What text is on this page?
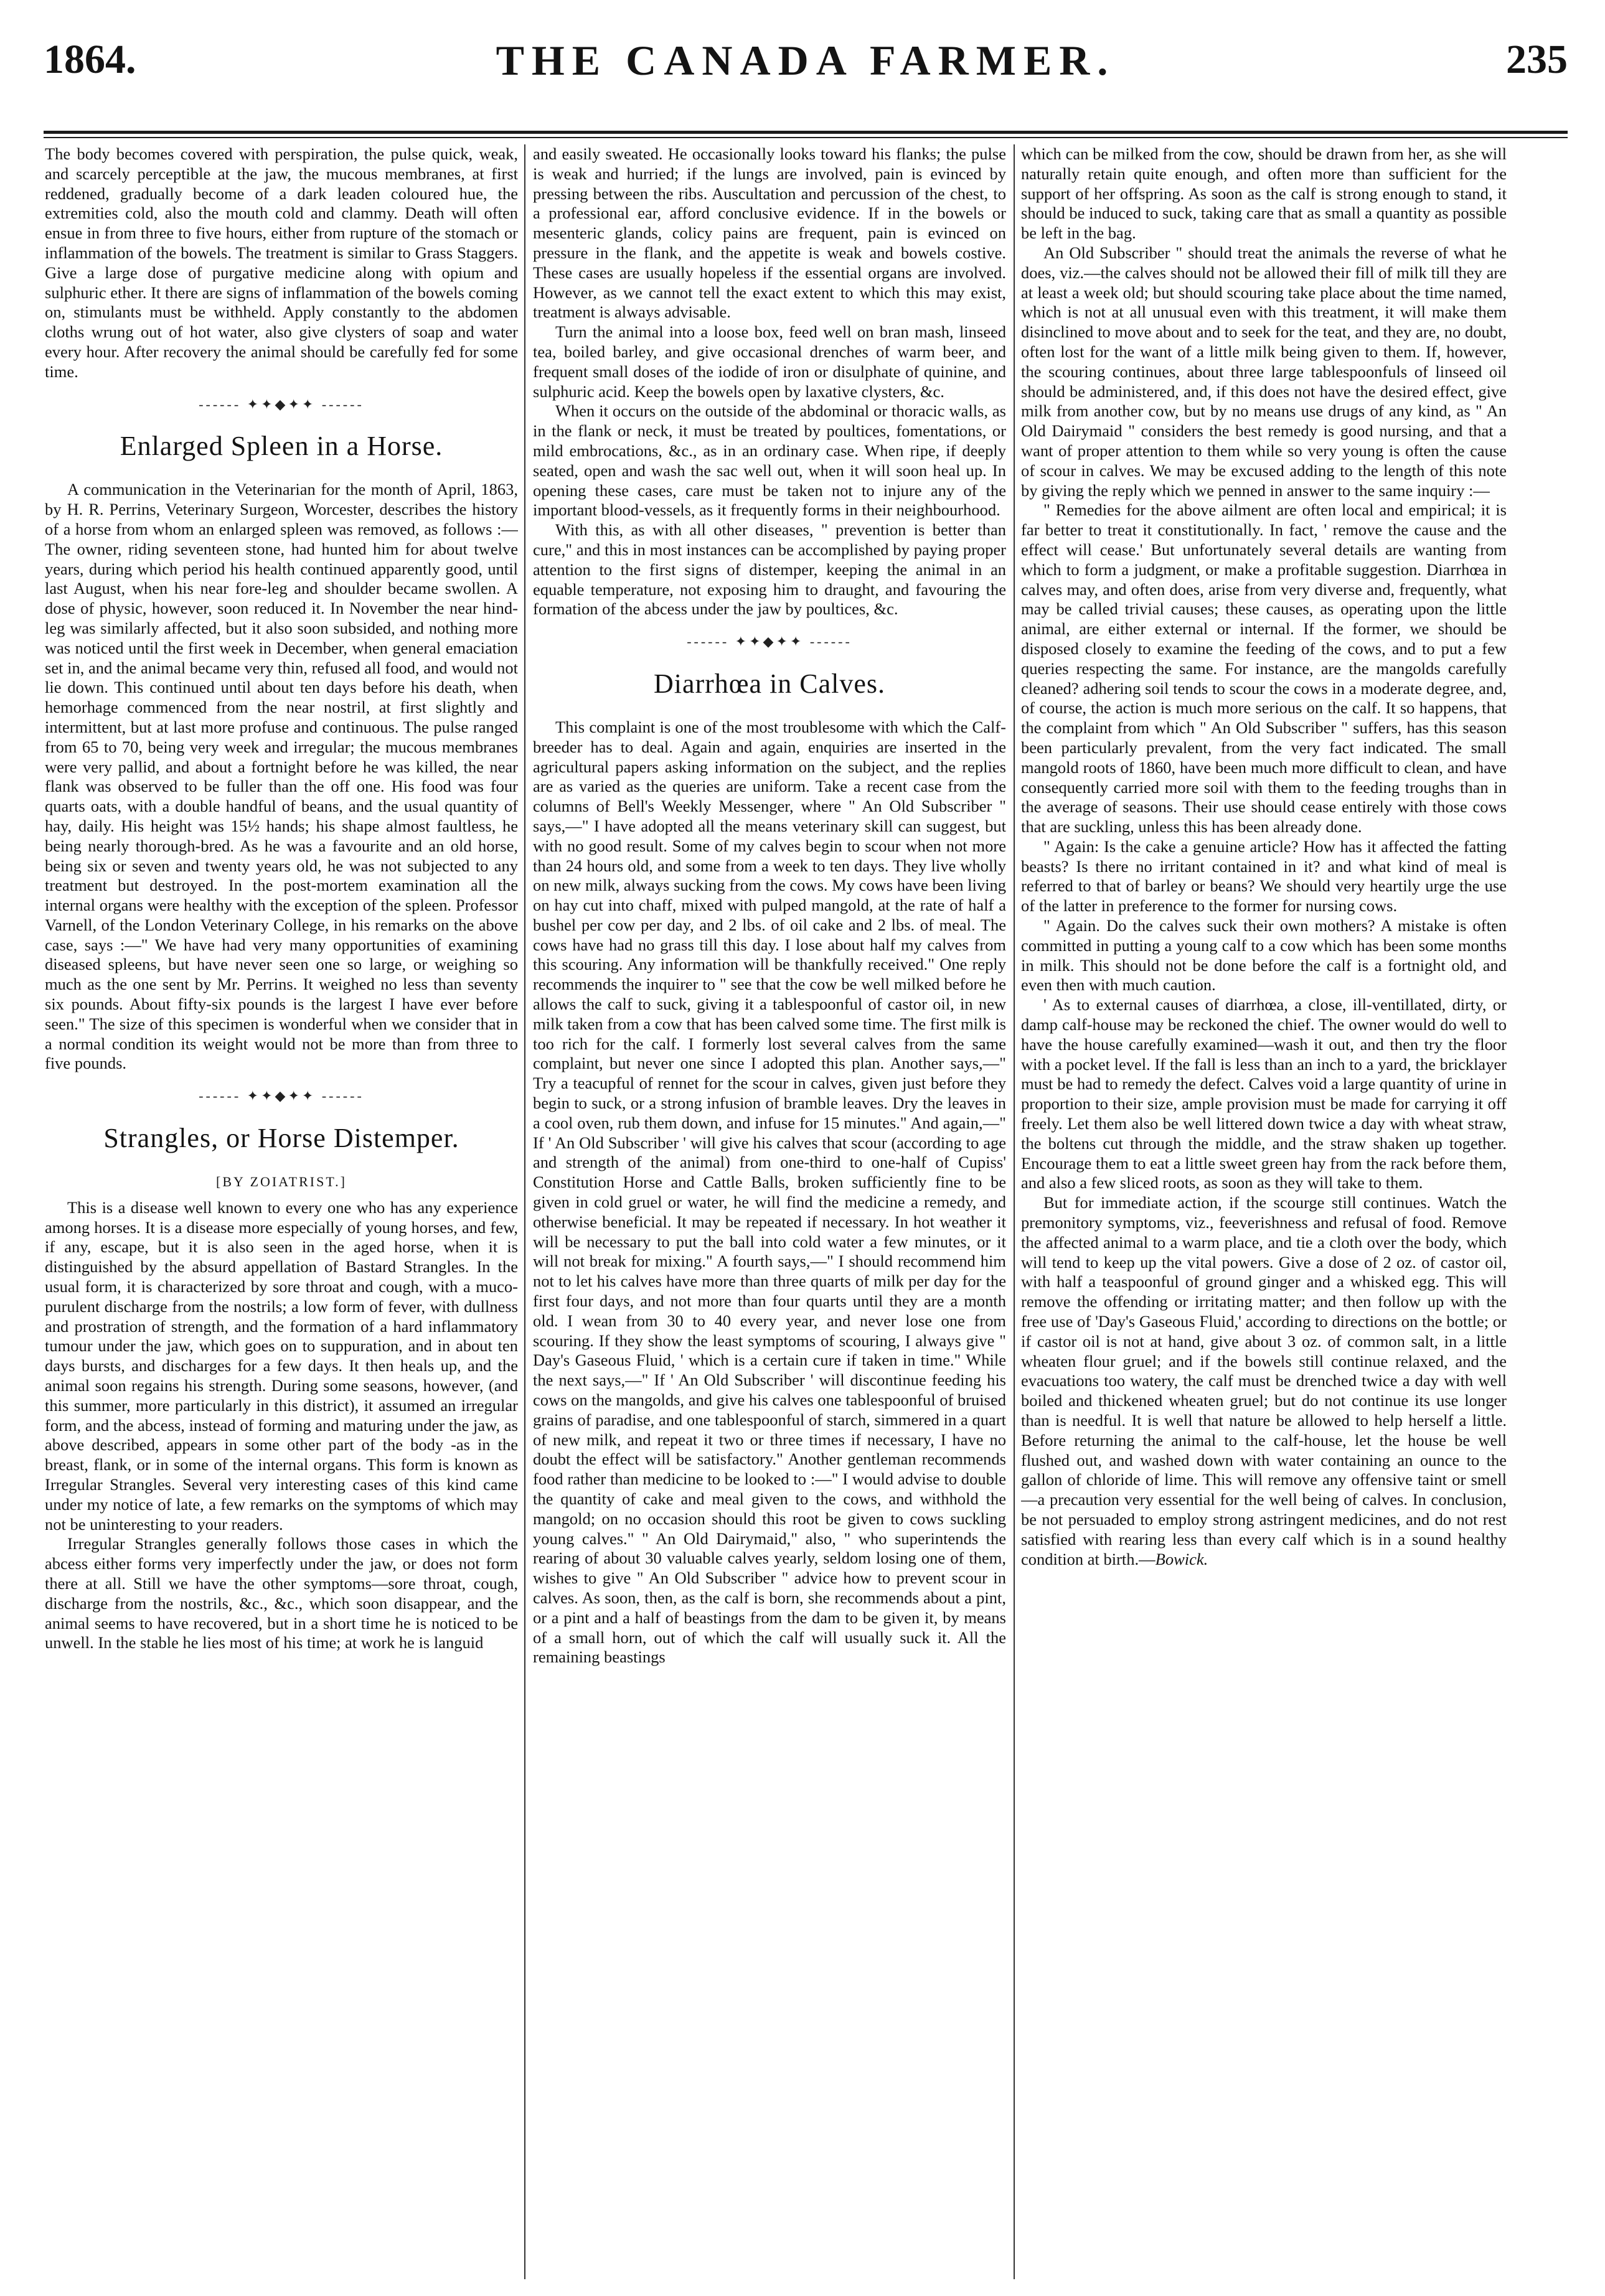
1864.	THE CANADA FARMER.	235

The body becomes covered with perspiration, the pulse quick, weak, and scarcely perceptible at the jaw, the mucous membranes, at first reddened, gradually become of a dark leaden coloured hue, the extremities cold, also the mouth cold and clammy. Death will often ensue in from three to five hours, either from rupture of the stomach or inflammation of the bowels. The treatment is similar to Grass Staggers. Give a large dose of purgative medicine along with opium and sulphuric ether. It there are signs of inflammation of the bowels coming on, stimulants must be withheld. Apply constantly to the abdomen cloths wrung out of hot water, also give clysters of soap and water every hour. After recovery the animal should be carefully fed for some time.

------ ✦✦◆✦✦ ------
Enlarged Spleen in a Horse.

A communication in the Veterinarian for the month of April, 1863, by H. R. Perrins, Veterinary Surgeon, Worcester, describes the history of a horse from whom an enlarged spleen was removed, as follows :— The owner, riding seventeen stone, had hunted him for about twelve years, during which period his health continued apparently good, until last August, when his near fore-leg and shoulder became swollen. A dose of physic, however, soon reduced it. In November the near hind-leg was similarly affected, but it also soon subsided, and nothing more was noticed until the first week in December, when general emaciation set in, and the animal became very thin, refused all food, and would not lie down. This continued until about ten days before his death, when hemorhage commenced from the near nostril, at first slightly and intermittent, but at last more profuse and continuous. The pulse ranged from 65 to 70, being very week and irregular; the mucous membranes were very pallid, and about a fortnight before he was killed, the near flank was observed to be fuller than the off one. His food was four quarts oats, with a double handful of beans, and the usual quantity of hay, daily. His height was 15½ hands; his shape almost faultless, he being nearly thorough-bred. As he was a favourite and an old horse, being six or seven and twenty years old, he was not subjected to any treatment but destroyed. In the post-mortem examination all the internal organs were healthy with the exception of the spleen. Professor Varnell, of the London Veterinary College, in his remarks on the above case, says :—" We have had very many opportunities of examining diseased spleens, but have never seen one so large, or weighing so much as the one sent by Mr. Perrins. It weighed no less than seventy six pounds. About fifty-six pounds is the largest I have ever before seen." The size of this specimen is wonderful when we consider that in a normal condition its weight would not be more than from three to five pounds.

------ ✦✦◆✦✦ ------
Strangles, or Horse Distemper.
[BY ZOIATRIST.]

This is a disease well known to every one who has any experience among horses. It is a disease more especially of young horses, and few, if any, escape, but it is also seen in the aged horse, when it is distinguished by the absurd appellation of Bastard Strangles. In the usual form, it is characterized by sore throat and cough, with a muco-purulent discharge from the nostrils; a low form of fever, with dullness and prostration of strength, and the formation of a hard inflammatory tumour under the jaw, which goes on to suppuration, and in about ten days bursts, and discharges for a few days. It then heals up, and the animal soon regains his strength. During some seasons, however, (and this summer, more particularly in this district), it assumed an irregular form, and the abcess, instead of forming and maturing under the jaw, as above described, appears in some other part of the body -as in the breast, flank, or in some of the internal organs. This form is known as Irregular Strangles. Several very interesting cases of this kind came under my notice of late, a few remarks on the symptoms of which may not be uninteresting to your readers.

Irregular Strangles generally follows those cases in which the abcess either forms very imperfectly under the jaw, or does not form there at all. Still we have the other symptoms—sore throat, cough, discharge from the nostrils, &c., &c., which soon disappear, and the animal seems to have recovered, but in a short time he is noticed to be unwell. In the stable he lies most of his time; at work he is languid

and easily sweated. He occasionally looks toward his flanks; the pulse is weak and hurried; if the lungs are involved, pain is evinced by pressing between the ribs. Auscultation and percussion of the chest, to a professional ear, afford conclusive evidence. If in the bowels or mesenteric glands, colicy pains are frequent, pain is evinced on pressure in the flank, and the appetite is weak and bowels costive. These cases are usually hopeless if the essential organs are involved. However, as we cannot tell the exact extent to which this may exist, treatment is always advisable.

Turn the animal into a loose box, feed well on bran mash, linseed tea, boiled barley, and give occasional drenches of warm beer, and frequent small doses of the iodide of iron or disulphate of quinine, and sulphuric acid. Keep the bowels open by laxative clysters, &c.

When it occurs on the outside of the abdominal or thoracic walls, as in the flank or neck, it must be treated by poultices, fomentations, or mild embrocations, &c., as in an ordinary case. When ripe, if deeply seated, open and wash the sac well out, when it will soon heal up. In opening these cases, care must be taken not to injure any of the important blood-vessels, as it frequently forms in their neighbourhood.

With this, as with all other diseases, " prevention is better than cure," and this in most instances can be accomplished by paying proper attention to the first signs of distemper, keeping the animal in an equable temperature, not exposing him to draught, and favouring the formation of the abcess under the jaw by poultices, &c.

------ ✦✦◆✦✦ ------
Diarrhœa in Calves.

This complaint is one of the most troublesome with which the Calf-breeder has to deal. Again and again, enquiries are inserted in the agricultural papers asking information on the subject, and the replies are as varied as the queries are uniform. Take a recent case from the columns of Bell's Weekly Messenger, where " An Old Subscriber " says,—" I have adopted all the means veterinary skill can suggest, but with no good result. Some of my calves begin to scour when not more than 24 hours old, and some from a week to ten days. They live wholly on new milk, always sucking from the cows. My cows have been living on hay cut into chaff, mixed with pulped mangold, at the rate of half a bushel per cow per day, and 2 lbs. of oil cake and 2 lbs. of meal. The cows have had no grass till this day. I lose about half my calves from this scouring. Any information will be thankfully received." One reply recommends the inquirer to " see that the cow be well milked before he allows the calf to suck, giving it a tablespoonful of castor oil, in new milk taken from a cow that has been calved some time. The first milk is too rich for the calf. I formerly lost several calves from the same complaint, but never one since I adopted this plan. Another says,—" Try a teacupful of rennet for the scour in calves, given just before they begin to suck, or a strong infusion of bramble leaves. Dry the leaves in a cool oven, rub them down, and infuse for 15 minutes." And again,—" If ' An Old Subscriber ' will give his calves that scour (according to age and strength of the animal) from one-third to one-half of Cupiss' Constitution Horse and Cattle Balls, broken sufficiently fine to be given in cold gruel or water, he will find the medicine a remedy, and otherwise beneficial. It may be repeated if necessary. In hot weather it will be necessary to put the ball into cold water a few minutes, or it will not break for mixing." A fourth says,—" I should recommend him not to let his calves have more than three quarts of milk per day for the first four days, and not more than four quarts until they are a month old. I wean from 30 to 40 every year, and never lose one from scouring. If they show the least symptoms of scouring, I always give " Day's Gaseous Fluid, ' which is a certain cure if taken in time." While the next says,—" If ' An Old Subscriber ' will discontinue feeding his cows on the mangolds, and give his calves one tablespoonful of bruised grains of paradise, and one tablespoonful of starch, simmered in a quart of new milk, and repeat it two or three times if necessary, I have no doubt the effect will be satisfactory." Another gentleman recommends food rather than medicine to be looked to :—" I would advise to double the quantity of cake and meal given to the cows, and withhold the mangold; on no occasion should this root be given to cows suckling young calves." " An Old Dairymaid," also, " who superintends the rearing of about 30 valuable calves yearly, seldom losing one of them, wishes to give " An Old Subscriber " advice how to prevent scour in calves. As soon, then, as the calf is born, she recommends about a pint, or a pint and a half of beastings from the dam to be given it, by means of a small horn, out of which the calf will usually suck it. All the remaining beastings

which can be milked from the cow, should be drawn from her, as she will naturally retain quite enough, and often more than sufficient for the support of her offspring. As soon as the calf is strong enough to stand, it should be induced to suck, taking care that as small a quantity as possible be left in the bag.

An Old Subscriber " should treat the animals the reverse of what he does, viz.—the calves should not be allowed their fill of milk till they are at least a week old; but should scouring take place about the time named, which is not at all unusual even with this treatment, it will make them disinclined to move about and to seek for the teat, and they are, no doubt, often lost for the want of a little milk being given to them. If, however, the scouring continues, about three large tablespoonfuls of linseed oil should be administered, and, if this does not have the desired effect, give milk from another cow, but by no means use drugs of any kind, as " An Old Dairymaid " considers the best remedy is good nursing, and that a want of proper attention to them while so very young is often the cause of scour in calves. We may be excused adding to the length of this note by giving the reply which we penned in answer to the same inquiry :—

" Remedies for the above ailment are often local and empirical; it is far better to treat it constitutionally. In fact, ' remove the cause and the effect will cease.' But unfortunately several details are wanting from which to form a judgment, or make a profitable suggestion. Diarrhœa in calves may, and often does, arise from very diverse and, frequently, what may be called trivial causes; these causes, as operating upon the little animal, are either external or internal. If the former, we should be disposed closely to examine the feeding of the cows, and to put a few queries respecting the same. For instance, are the mangolds carefully cleaned? adhering soil tends to scour the cows in a moderate degree, and, of course, the action is much more serious on the calf. It so happens, that the complaint from which " An Old Subscriber " suffers, has this season been particularly prevalent, from the very fact indicated. The small mangold roots of 1860, have been much more difficult to clean, and have consequently carried more soil with them to the feeding troughs than in the average of seasons. Their use should cease entirely with those cows that are suckling, unless this has been already done.

" Again: Is the cake a genuine article? How has it affected the fatting beasts? Is there no irritant contained in it? and what kind of meal is referred to that of barley or beans? We should very heartily urge the use of the latter in preference to the former for nursing cows.

" Again. Do the calves suck their own mothers? A mistake is often committed in putting a young calf to a cow which has been some months in milk. This should not be done before the calf is a fortnight old, and even then with much caution.

' As to external causes of diarrhœa, a close, ill-ventillated, dirty, or damp calf-house may be reckoned the chief. The owner would do well to have the house carefully examined—wash it out, and then try the floor with a pocket level. If the fall is less than an inch to a yard, the bricklayer must be had to remedy the defect. Calves void a large quantity of urine in proportion to their size, ample provision must be made for carrying it off freely. Let them also be well littered down twice a day with wheat straw, the boltens cut through the middle, and the straw shaken up together. Encourage them to eat a little sweet green hay from the rack before them, and also a few sliced roots, as soon as they will take to them.

But for immediate action, if the scourge still continues. Watch the premonitory symptoms, viz., feeverishness and refusal of food. Remove the affected animal to a warm place, and tie a cloth over the body, which will tend to keep up the vital powers. Give a dose of 2 oz. of castor oil, with half a teaspoonful of ground ginger and a whisked egg. This will remove the offending or irritating matter; and then follow up with the free use of 'Day's Gaseous Fluid,' according to directions on the bottle; or if castor oil is not at hand, give about 3 oz. of common salt, in a little wheaten flour gruel; and if the bowels still continue relaxed, and the evacuations too watery, the calf must be drenched twice a day with well boiled and thickened wheaten gruel; but do not continue its use longer than is needful. It is well that nature be allowed to help herself a little. Before returning the animal to the calf-house, let the house be well flushed out, and washed down with water containing an ounce to the gallon of chloride of lime. This will remove any offensive taint or smell—a precaution very essential for the well being of calves. In conclusion, be not persuaded to employ strong astringent medicines, and do not rest satisfied with rearing less than every calf which is in a sound healthy condition at birth.—Bowick.
